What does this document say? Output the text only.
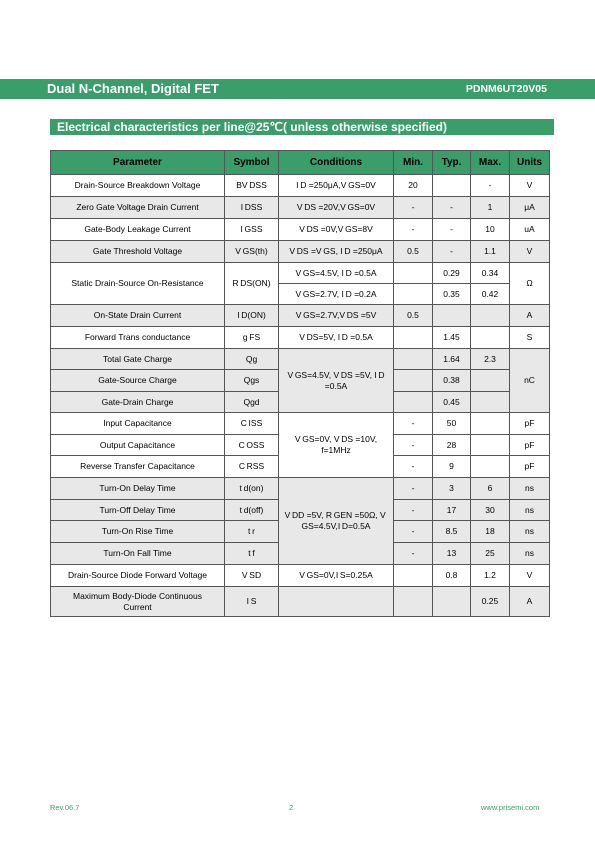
Dual N-Channel, Digital FET	PDNM6UT20V05
Electrical characteristics per line@25℃( unless otherwise specified)
Parameter	Symbol	Conditions	Min.	Typ.	Max.	Units
Drain-Source Breakdown Voltage	BV DSS	I D =250μA,V GS=0V	20		-	V
Zero Gate Voltage Drain Current	I DSS	V DS =20V,V GS=0V	-	-	1	μA
Gate-Body Leakage Current	I GSS	V DS =0V,V GS=8V	-	-	10	uA
Gate Threshold Voltage	V GS(th)	V DS =V GS, I D =250μA	0.5	-	1.1	V
Static Drain-Source On-Resistance	R DS(ON)	V GS=4.5V, I D =0.5A		0.29	0.34	Ω
		V GS=2.7V, I D =0.2A		0.35	0.42	
On-State Drain Current	I D(ON)	V GS=2.7V,V DS =5V	0.5			A
Forward Trans conductance	g FS	V DS=5V, I D =0.5A		1.45		S
Total Gate Charge	Qg	V GS=4.5V, V DS =5V, I D =0.5A		1.64	2.3	nC
Gate-Source Charge	Qgs			0.38		
Gate-Drain Charge	Qgd			0.45		
Input Capacitance	C ISS	V GS=0V, V DS =10V, f=1MHz	-	50		pF
Output Capacitance	C OSS		-	28		pF
Reverse Transfer Capacitance	C RSS		-	9		pF
Turn-On Delay Time	t d(on)	V DD =5V, R GEN =50Ω, V GS=4.5V,I D=0.5A	-	3	6	ns
Turn-Off Delay Time	t d(off)		-	17	30	ns
Turn-On Rise Time	t r		-	8.5	18	ns
Turn-On Fall Time	t f		-	13	25	ns
Drain-Source Diode Forward Voltage	V SD	V GS=0V,I S=0.25A		0.8	1.2	V
Maximum Body-Diode Continuous Current	I S				0.25	A
Rev.06.7	2	www.prisemi.com
